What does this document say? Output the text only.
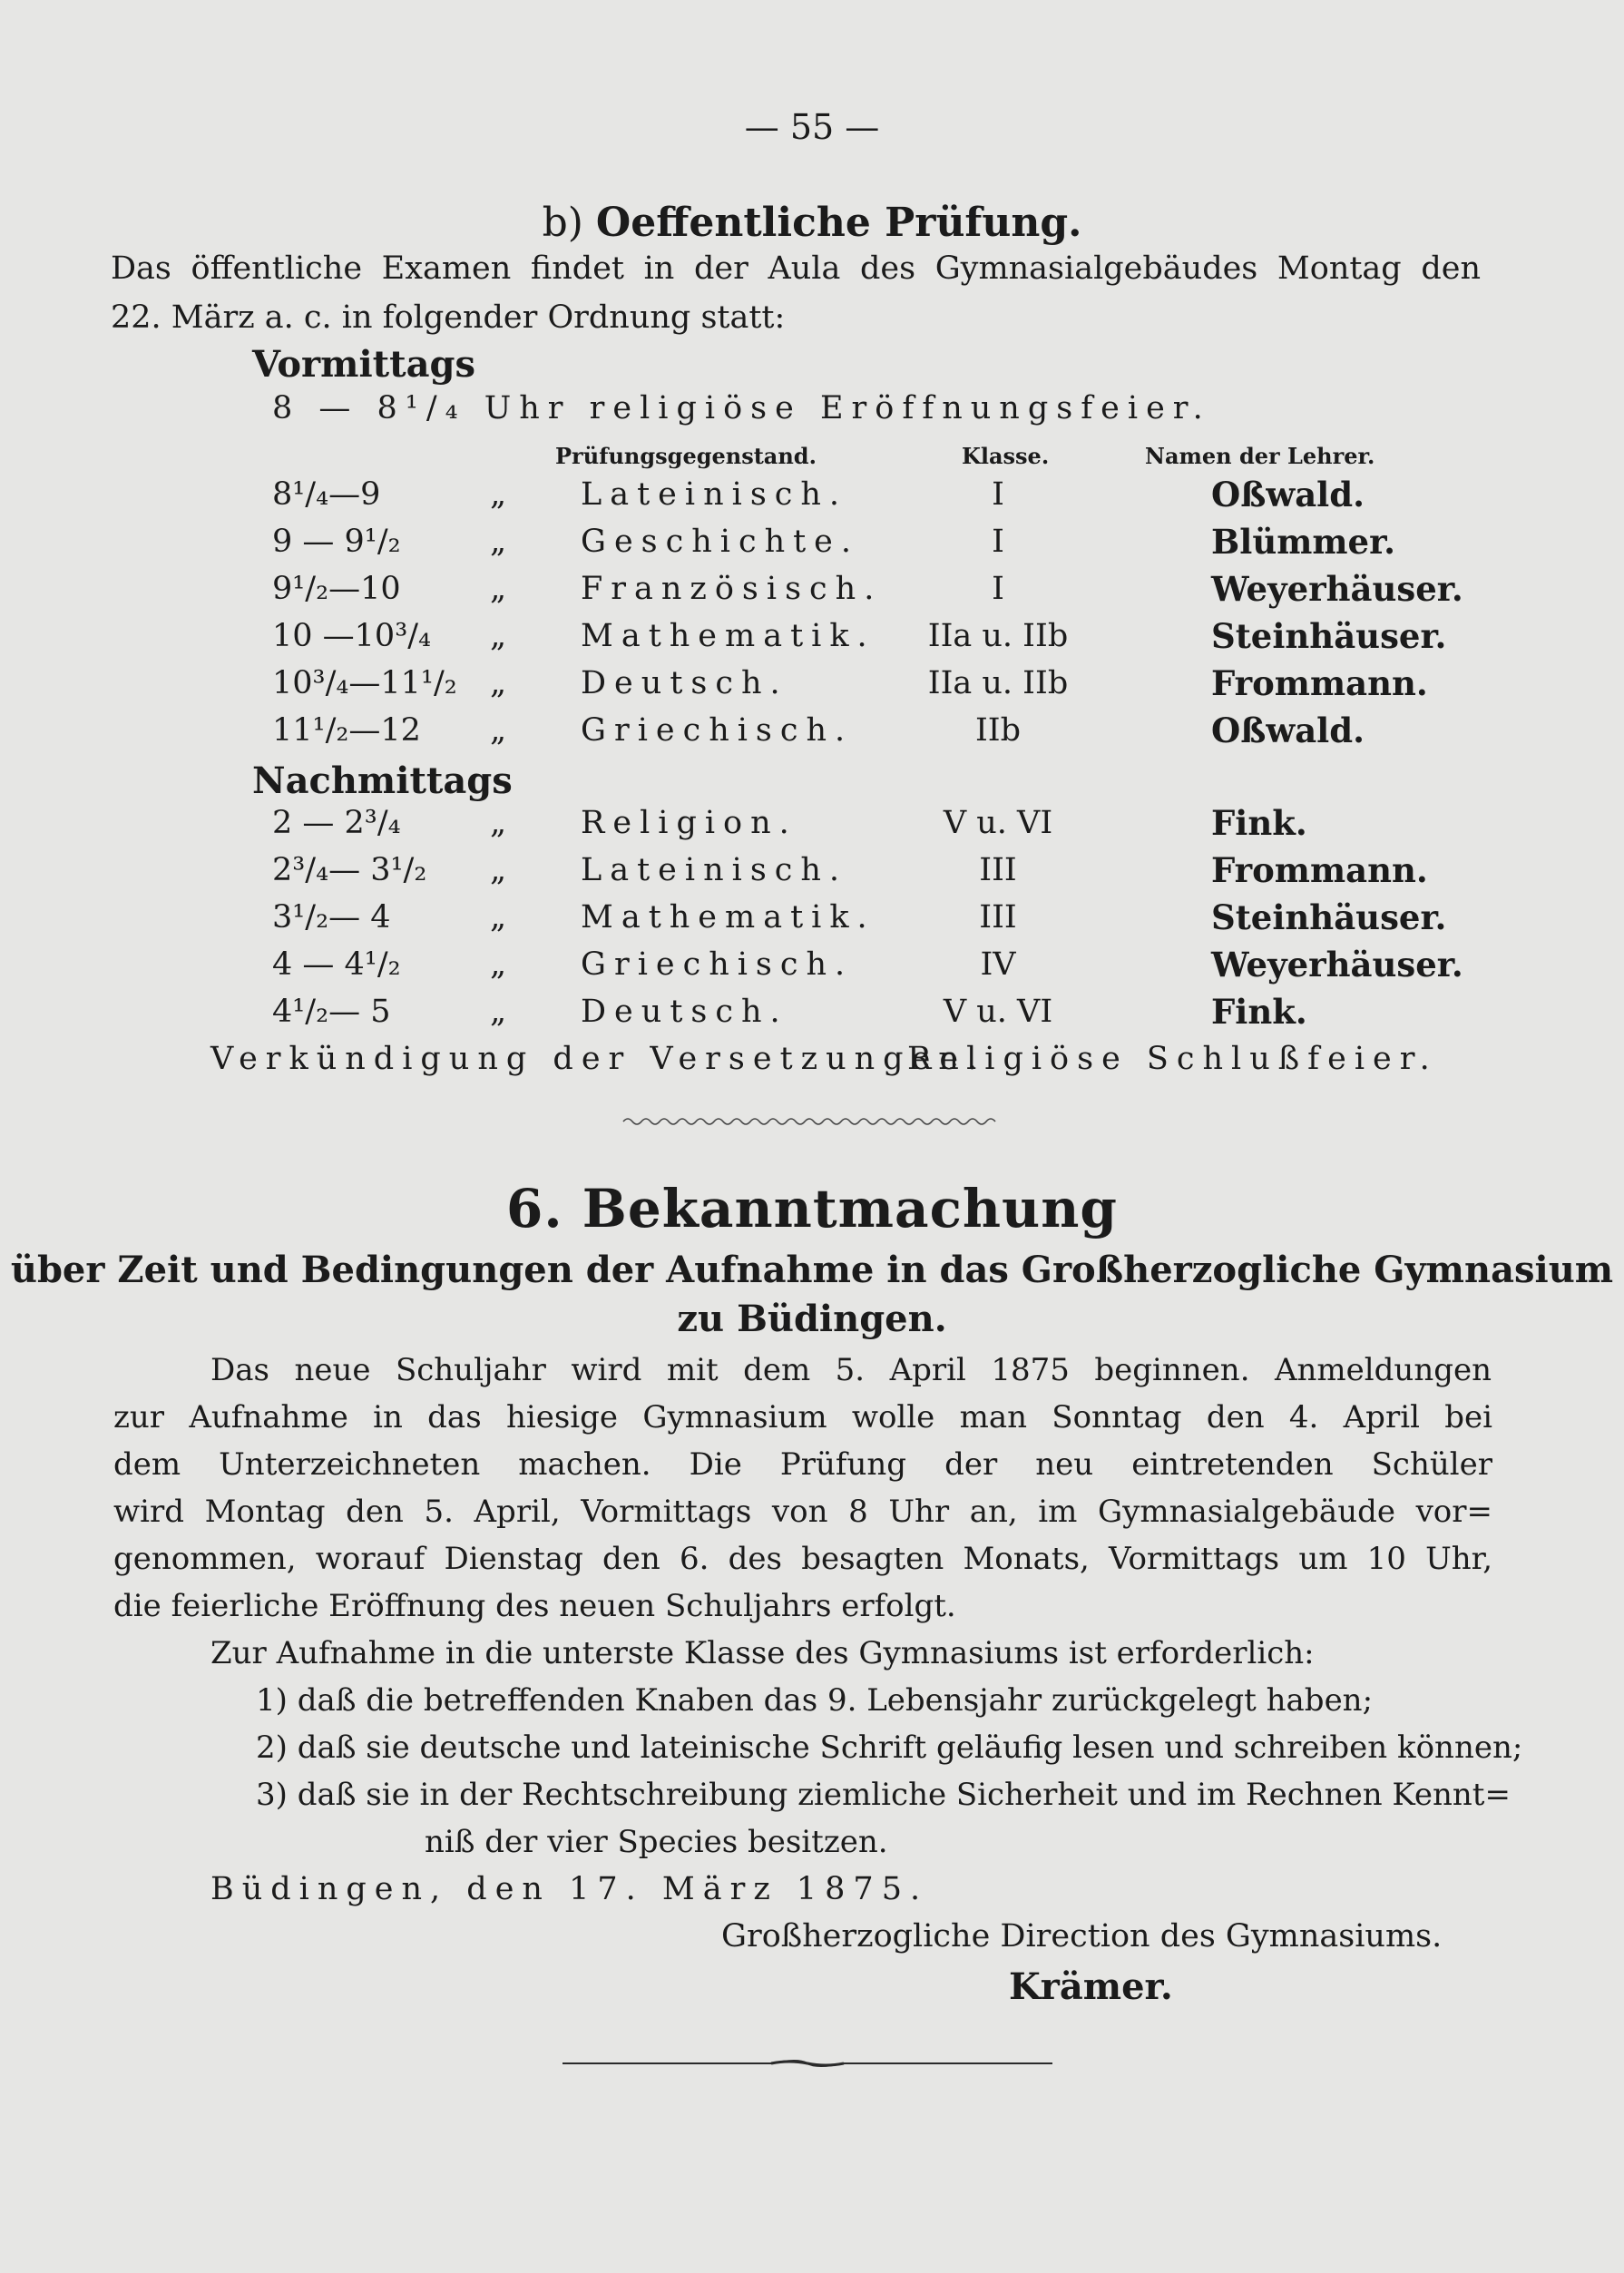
— 55 —
b) Oeffentliche Prüfung.
Das öffentliche Examen findet in der Aula des Gymnasialgebäudes Montag den
22. März a. c. in folgender Ordnung statt:
Vormittags
8 — 8¹/₄ Uhr religiöse Eröffnungsfeier.
Prüfungsgegenstand.	Klasse.	Namen der Lehrer.
8¹/₄—9	„ Lateinisch.	I	Oßwald.
9 — 9¹/₂	„ Geschichte.	I	Blümmer.
9¹/₂—10	„ Französisch.	I	Weyerhäuser.
10 —10³/₄ „ Mathematik.	IIa u. IIb	Steinhäuser.
10³/₄—11¹/₂ „ Deutsch.	IIa u. IIb	Frommann.
11¹/₂—12 „ Griechisch.	IIb	Oßwald.
Nachmittags
2 — 2³/₄	„ Religion.	V u. VI	Fink.
2³/₄— 3¹/₂ „ Lateinisch.	III	Frommann.
3¹/₂— 4	„ Mathematik.	III	Steinhäuser.
4 — 4¹/₂	„ Griechisch.	IV	Weyerhäuser.
4¹/₂— 5	„ Deutsch.	V u. VI	Fink.
Verkündigung der Versetzungen.
Religiöse Schlußfeier.
6. Bekanntmachung
über Zeit und Bedingungen der Aufnahme in das Großherzogliche Gymnasium
zu Büdingen.
Das neue Schuljahr wird mit dem 5. April 1875 beginnen. Anmeldungen
zur Aufnahme in das hiesige Gymnasium wolle man Sonntag den 4. April bei
dem Unterzeichneten machen. Die Prüfung der neu eintretenden Schüler
wird Montag den 5. April, Vormittags von 8 Uhr an, im Gymnasialgebäude vor=
genommen, worauf Dienstag den 6. des besagten Monats, Vormittags um 10 Uhr,
die feierliche Eröffnung des neuen Schuljahrs erfolgt.
Zur Aufnahme in die unterste Klasse des Gymnasiums ist erforderlich:
1) daß die betreffenden Knaben das 9. Lebensjahr zurückgelegt haben;
2) daß sie deutsche und lateinische Schrift geläufig lesen und schreiben können;
3) daß sie in der Rechtschreibung ziemliche Sicherheit und im Rechnen Kennt=
niß der vier Species besitzen.
Büdingen, den 17. März 1875.
Großherzogliche Direction des Gymnasiums.
Krämer.
